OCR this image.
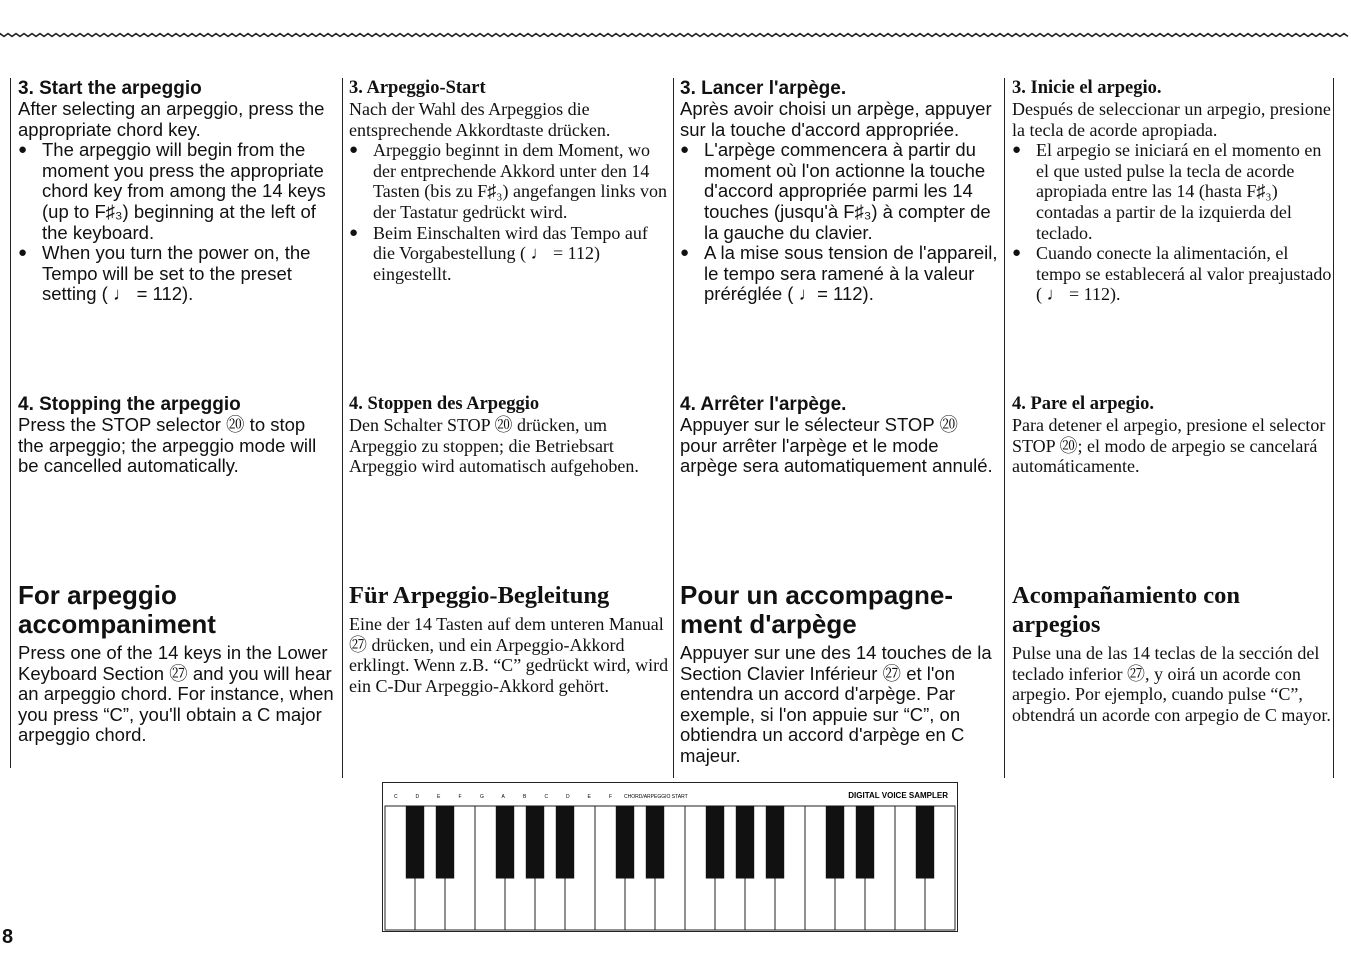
3. Start the arpeggio

After selecting an arpeggio, press the appropriate chord key.

● The arpeggio will begin from the moment you press the appropriate chord key from among the 14 keys (up to F♯₃) beginning at the left of the keyboard.
● When you turn the power on, the Tempo will be set to the preset setting ( ♩ = 112).

4. Stopping the arpeggio

Press the STOP selector ⑳ to stop the arpeggio; the arpeggio mode will be cancelled automatically.

For arpeggio accompaniment

Press one of the 14 keys in the Lower Keyboard Section ㉗ and you will hear an arpeggio chord. For instance, when you press “C”, you'll obtain a C major arpeggio chord.

3. Arpeggio-Start

Nach der Wahl des Arpeggios die entsprechende Akkordtaste drücken.

● Arpeggio beginnt in dem Moment, wo der entprechende Akkord unter den 14 Tasten (bis zu F♯₃) angefangen links von der Tastatur gedrückt wird.
● Beim Einschalten wird das Tempo auf die Vorgabestellung ( ♩ = 112) eingestellt.

4. Stoppen des Arpeggio

Den Schalter STOP ⑳ drücken, um Arpeggio zu stoppen; die Betriebsart Arpeggio wird automatisch aufgehoben.

Für Arpeggio-Begleitung

Eine der 14 Tasten auf dem unteren Manual ㉗ drücken, und ein Arpeggio-Akkord erklingt. Wenn z.B. “C” gedrückt wird, wird ein C-Dur Arpeggio-Akkord gehört.

3. Lancer l'arpège.

Après avoir choisi un arpège, appuyer sur la touche d'accord appropriée.

● L'arpège commencera à partir du moment où l'on actionne la touche d'accord appropriée parmi les 14 touches (jusqu'à F♯₃) à compter de la gauche du clavier.
● A la mise sous tension de l'appareil, le tempo sera ramené à la valeur préréglée ( ♩= 112).

4. Arrêter l'arpège.

Appuyer sur le sélecteur STOP ⑳ pour arrêter l'arpège et le mode arpège sera automatiquement annulé.

Pour un accompagne-ment d'arpège

Appuyer sur une des 14 touches de la Section Clavier Inférieur ㉗ et l'on entendra un accord d'arpège. Par exemple, si l'on appuie sur “C”, on obtiendra un accord d'arpège en C majeur.

3. Inicie el arpegio.

Después de seleccionar un arpegio, presione la tecla de acorde apropiada.

● El arpegio se iniciará en el momento en el que usted pulse la tecla de acorde apropiada entre las 14 (hasta F♯₃) contadas a partir de la izquierda del teclado.
● Cuando conecte la alimentación, el tempo se establecerá al valor preajustado ( ♩ = 112).

4. Pare el arpegio.

Para detener el arpegio, presione el selector STOP ⑳; el modo de arpegio se cancelará automáticamente.

Acompañamiento con arpegios

Pulse una de las 14 teclas de la sección del teclado inferior ㉗, y oirá un acorde con arpegio. Por ejemplo, cuando pulse “C”, obtendrá un acorde con arpegio de C mayor.

C	D	E	F	G	A	B	C	D	E	F CHORD/ARPEGGIO START	DIGITAL VOICE SAMPLER
8
